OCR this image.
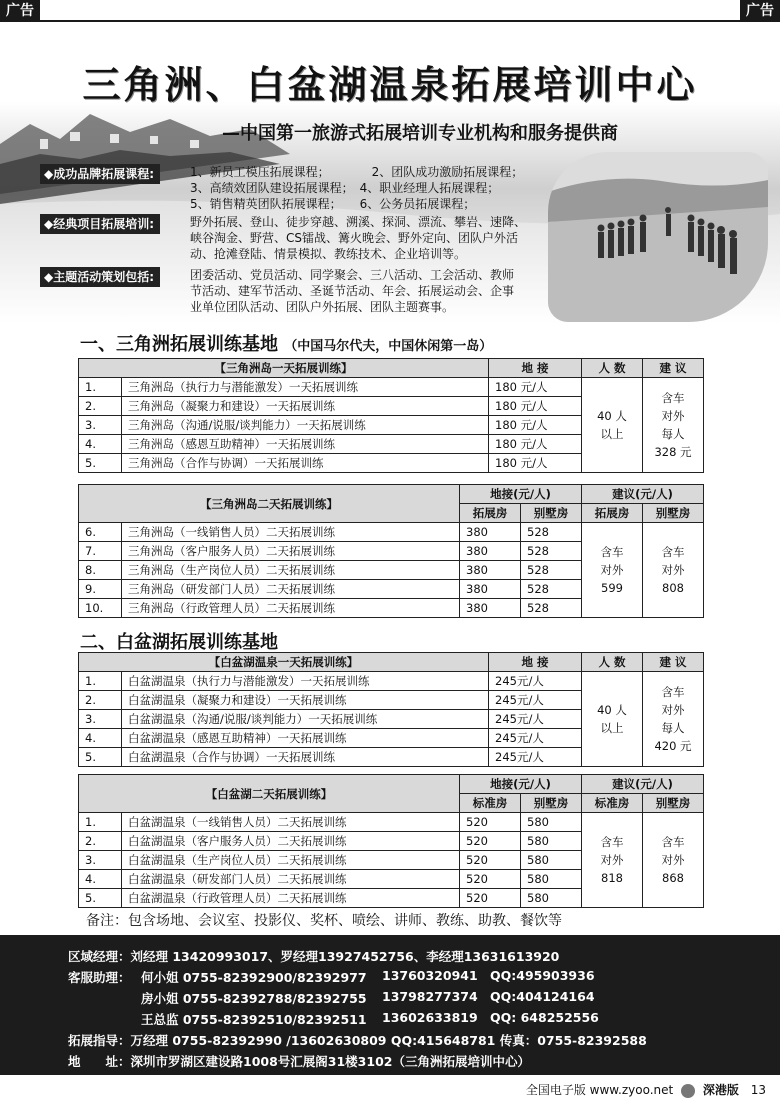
广告	广告
三角洲、白盆湖温泉拓展培训中心
—中国第一旅游式拓展培训专业机构和服务提供商
◆成功品牌拓展课程:	1、新员工模压拓展课程；　　　　2、团队成功激励拓展课程；
3、高绩效团队建设拓展课程；　4、职业经理人拓展课程；
5、销售精英团队拓展课程；　　6、公务员拓展课程；
◆经典项目拓展培训:	野外拓展、登山、徒步穿越、溯溪、探洞、漂流、攀岩、速降、
峡谷淘金、野营、CS镭战、篝火晚会、野外定向、团队户外活
动、抢滩登陆、情景模拟、教练技术、企业培训等。
◆主题活动策划包括:	团委活动、党员活动、同学聚会、三八活动、工会活动、教师
节活动、建军节活动、圣诞节活动、年会、拓展运动会、企事
业单位团队活动、团队户外拓展、团队主题赛事。
一、三角洲拓展训练基地 （中国马尔代夫，中国休闲第一岛）
【三角洲岛一天拓展训练】		地 接	人 数	建 议
1.	三角洲岛（执行力与潜能激发）一天拓展训练	180 元/人	40 人
以上	含车
对外
每人
328 元
2.	三角洲岛（凝聚力和建设）一天拓展训练	180 元/人		
3.	三角洲岛（沟通/说服/谈判能力）一天拓展训练	180 元/人		
4.	三角洲岛（感恩互助精神）一天拓展训练	180 元/人		
5.	三角洲岛（合作与协调）一天拓展训练	180 元/人		
【三角洲岛二天拓展训练】		地接(元/人)		建议(元/人)	
		拓展房	别墅房	拓展房	别墅房
6.	三角洲岛（一线销售人员）二天拓展训练	380	528	含车
对外
599	含车
对外
808
7.	三角洲岛（客户服务人员）二天拓展训练	380	528		
8.	三角洲岛（生产岗位人员）二天拓展训练	380	528		
9.	三角洲岛（研发部门人员）二天拓展训练	380	528		
10.	三角洲岛（行政管理人员）二天拓展训练	380	528		
二、白盆湖拓展训练基地
【白盆湖温泉一天拓展训练】		地 接	人 数	建 议
1.	白盆湖温泉（执行力与潜能激发）一天拓展训练	245元/人	40 人
以上	含车
对外
每人
420 元
2.	白盆湖温泉（凝聚力和建设）一天拓展训练	245元/人		
3.	白盆湖温泉（沟通/说服/谈判能力）一天拓展训练	245元/人		
4.	白盆湖温泉（感恩互助精神）一天拓展训练	245元/人		
5.	白盆湖温泉（合作与协调）一天拓展训练	245元/人		
【白盆湖二天拓展训练】		地接(元/人)		建议(元/人)	
		标准房	别墅房	标准房	别墅房
1.	白盆湖温泉（一线销售人员）二天拓展训练	520	580	含车
对外
818	含车
对外
868
2.	白盆湖温泉（客户服务人员）二天拓展训练	520	580		
3.	白盆湖温泉（生产岗位人员）二天拓展训练	520	580		
4.	白盆湖温泉（研发部门人员）二天拓展训练	520	580		
5.	白盆湖温泉（行政管理人员）二天拓展训练	520	580		
备注：包含场地、会议室、投影仪、奖杯、喷绘、讲师、教练、助教、餐饮等
区域经理：刘经理 13420993017、罗经理13927452756、李经理13631613920
客服助理： 何小姐 0755-82392900/82392977 13760320941 QQ:495903936
房小姐 0755-82392788/82392755 13798277374 QQ:404124164
王总监 0755-82392510/82392511 13602633819 QQ: 648252556
拓展指导：万经理 0755-82392990 /13602630809 QQ:415648781 传真：0755-82392588
地　　址：深圳市罗湖区建设路1008号汇展阁31楼3102（三角洲拓展培训中心）
全国电子版 www.zyoo.net 深港版 13
